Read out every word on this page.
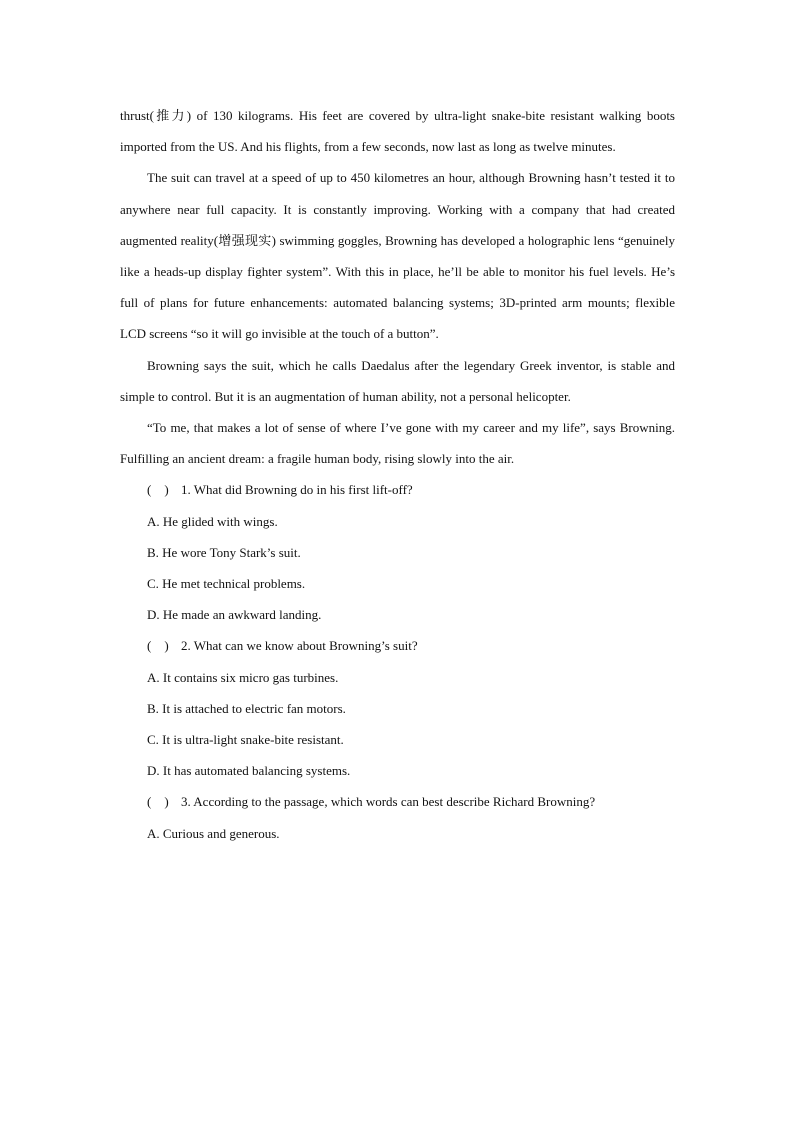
thrust(推力) of 130 kilograms. His feet are covered by ultra-light snake-bite resistant walking boots imported from the US. And his flights, from a few seconds, now last as long as twelve minutes.

The suit can travel at a speed of up to 450 kilometres an hour, although Browning hasn’t tested it to anywhere near full capacity. It is constantly improving. Working with a company that had created augmented reality(增强现实) swimming goggles, Browning has developed a holographic lens “genuinely like a heads-up display fighter system”. With this in place, he’ll be able to monitor his fuel levels. He’s full of plans for future enhancements: automated balancing systems; 3D-printed arm mounts; flexible LCD screens “so it will go invisible at the touch of a button”.

Browning says the suit, which he calls Daedalus after the legendary Greek inventor, is stable and simple to control. But it is an augmentation of human ability, not a personal helicopter.

“To me, that makes a lot of sense of where I’ve gone with my career and my life”, says Browning. Fulfilling an ancient dream: a fragile human body, rising slowly into the air.

( ) 1. What did Browning do in his first lift-off?

A. He glided with wings.

B. He wore Tony Stark’s suit.

C. He met technical problems.

D. He made an awkward landing.

( ) 2. What can we know about Browning’s suit?

A. It contains six micro gas turbines.

B. It is attached to electric fan motors.

C. It is ultra-light snake-bite resistant.

D. It has automated balancing systems.

( ) 3. According to the passage, which words can best describe Richard Browning?

A. Curious and generous.
